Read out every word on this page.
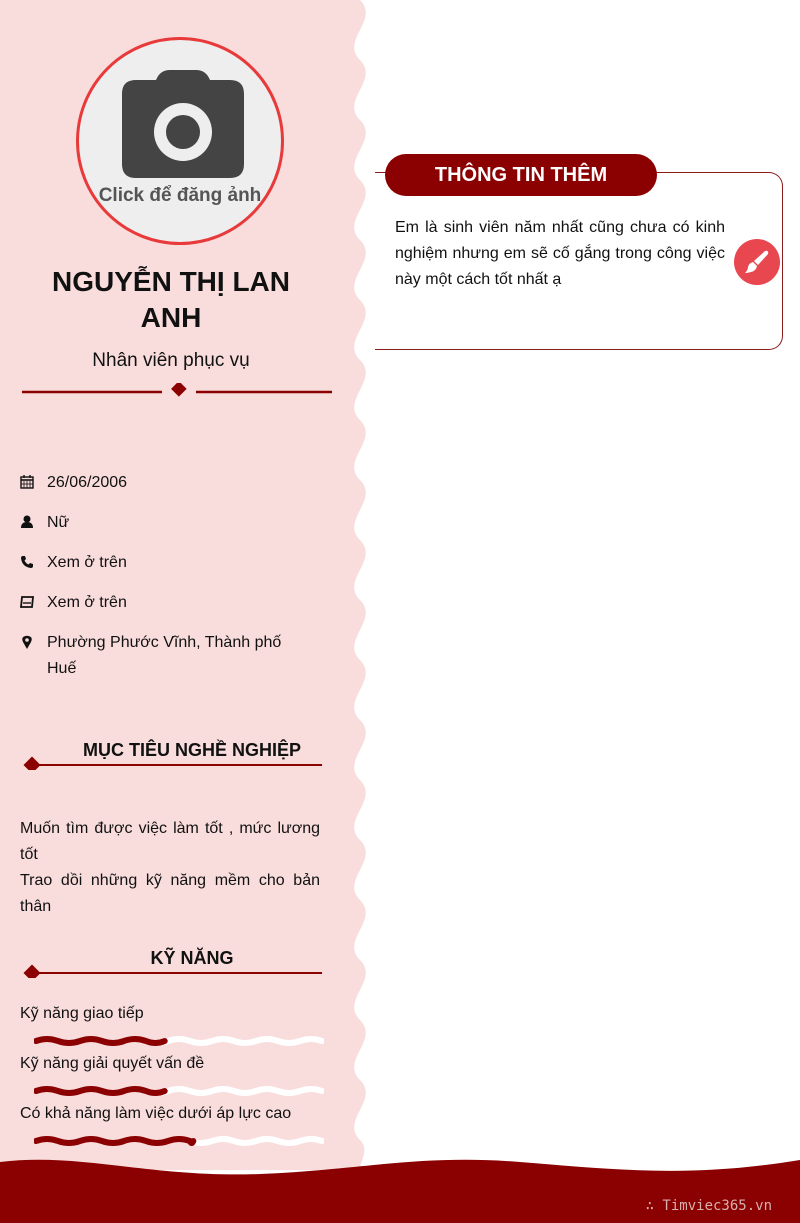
Click để đăng ảnh
NGUYỄN THỊ LAN ANH
Nhân viên phục vụ
26/06/2006
Nữ
Xem ở trên
Xem ở trên
Phường Phước Vĩnh, Thành phố Huế
MỤC TIÊU NGHỀ NGHIỆP
Muốn tìm được việc làm tốt , mức lương tốt
Trao dồi những kỹ năng mềm cho bản thân
KỸ NĂNG
Kỹ năng giao tiếp
Kỹ năng giải quyết vấn đề
Có khả năng làm việc dưới áp lực cao
THÔNG TIN THÊM
Em là sinh viên năm nhất cũng chưa có kinh nghiệm nhưng em sẽ cố gắng trong công việc này một cách tốt nhất ạ
∴ Timviec365.vn
